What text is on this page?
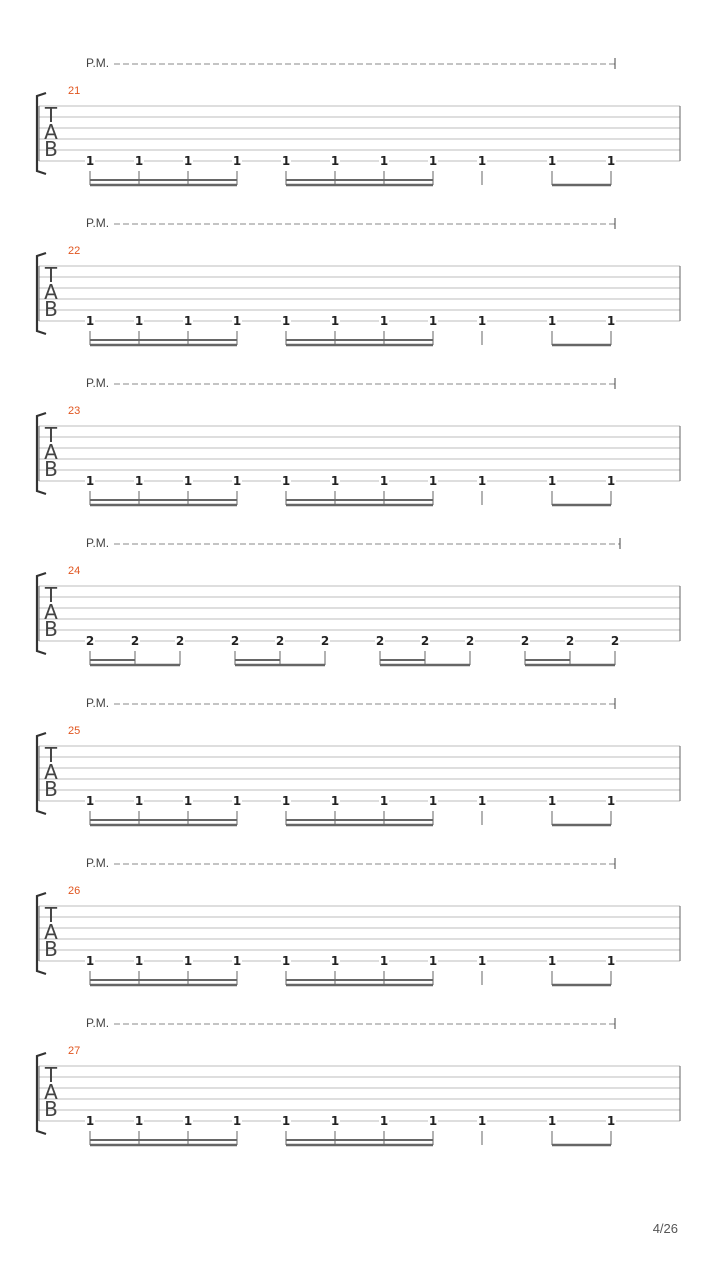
P.M.
21
T
A
B 1	1	1	1	1	1	1	1	1	1	1
P.M.
22
T
A
B 1	1	1	1	1	1	1	1	1	1	1
P.M.
23
T
A
B 1	1	1	1	1	1	1	1	1	1	1
P.M.
24
T
A
B 2	2	2	2	2	2	2	2	2	2	2	2
P.M.
25
T
A
B 1	1	1	1	1	1	1	1	1	1	1
P.M.
26
T
A
B 1	1	1	1	1	1	1	1	1	1	1
P.M.
27
T
A
B 1	1	1	1	1	1	1	1	1	1	1
4/26
